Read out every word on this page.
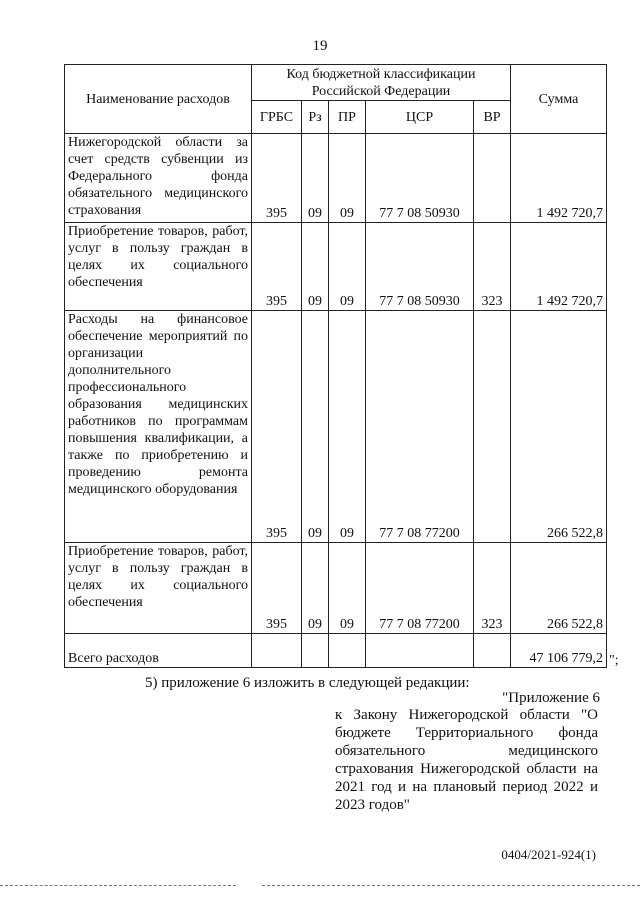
19
Наименование расходов	Код бюджетной классификации Российской Федерации					Сумма
	ГРБС	Рз	ПР	ЦСР	ВР	
Нижегородской области за счет средств субвенции из Федерального фонда обязательного медицинского страхования	395	09	09	77 7 08 50930		1 492 720,7
Приобретение товаров, работ, услуг в пользу граждан в целях их социального обеспечения	395	09	09	77 7 08 50930	323	1 492 720,7
Расходы на финансовое обеспечение мероприятий по организации дополнительного профессионального образования медицинских работников по программам повышения квалификации, а также по приобретению и проведению ремонта медицинского оборудования	395	09	09	77 7 08 77200		266 522,8
Приобретение товаров, работ, услуг в пользу граждан в целях их социального обеспечения	395	09	09	77 7 08 77200	323	266 522,8
Всего расходов						47 106 779,2 ";
5) приложение 6 изложить в следующей редакции:
"Приложение 6
к Закону Нижегородской области "О бюджете Территориального фонда обязательного медицинского страхования Нижегородской области на 2021 год и на плановый период 2022 и 2023 годов"
0404/2021-924(1)
